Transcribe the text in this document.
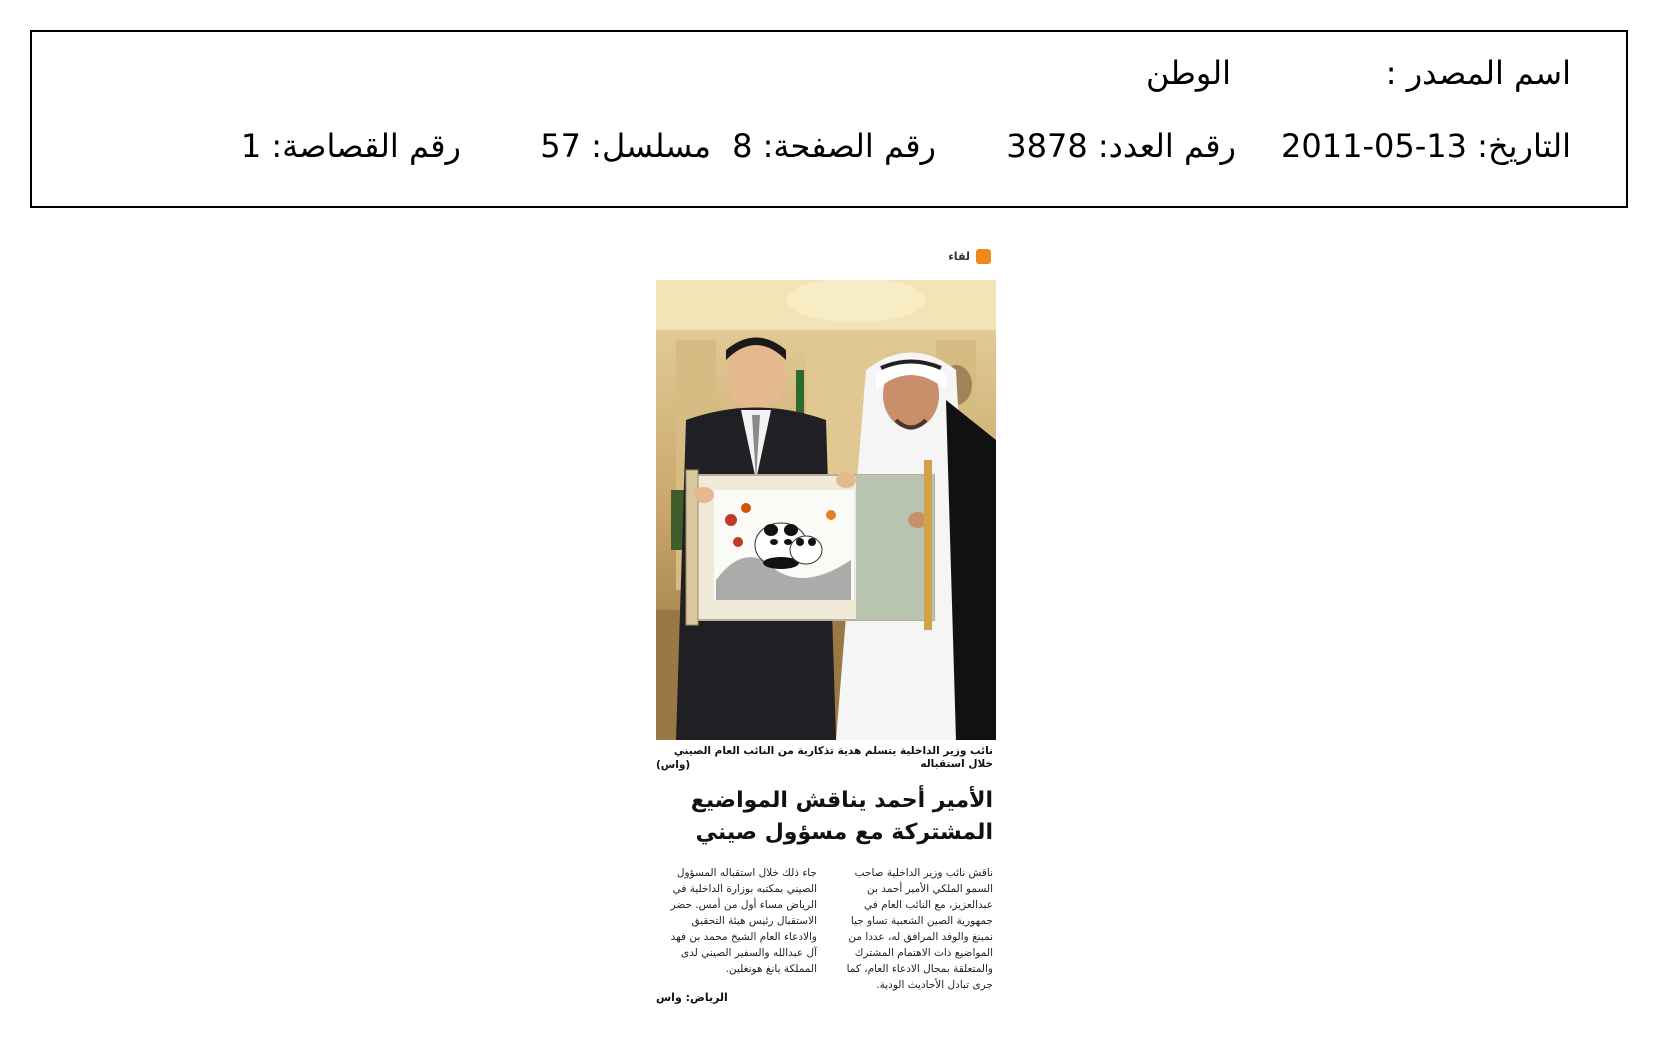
اسم المصدر :
الوطن
التاريخ: 13-05-2011
رقم العدد: 3878
رقم الصفحة: 8
مسلسل: 57
رقم القصاصة: 1
لقاء
نائب وزير الداخلية يتسلم هدية تذكارية من النائب العام الصيني خلال استقباله
(واس)
الأمير أحمد يناقش المواضيع المشتركة مع مسؤول صيني
ناقش نائب وزير الداخلية صاحب السمو الملكي الأمير أحمد بن عبدالعزيز، مع النائب العام في جمهورية الصين الشعبية تساو جيا نمينغ والوفد المرافق له، عددا من المواضيع ذات الاهتمام المشترك والمتعلقة بمجال الادعاء العام، كما جرى تبادل الأحاديث الودية.
جاء ذلك خلال استقباله المسؤول الصيني بمكتبه بوزارة الداخلية في الرياض مساء أول من أمس. حضر الاستقبال رئيس هيئة التحقيق والادعاء العام الشيخ محمد بن فهد آل عبدالله والسفير الصيني لدى المملكة يانغ هونغلين.
الرياض: واس
